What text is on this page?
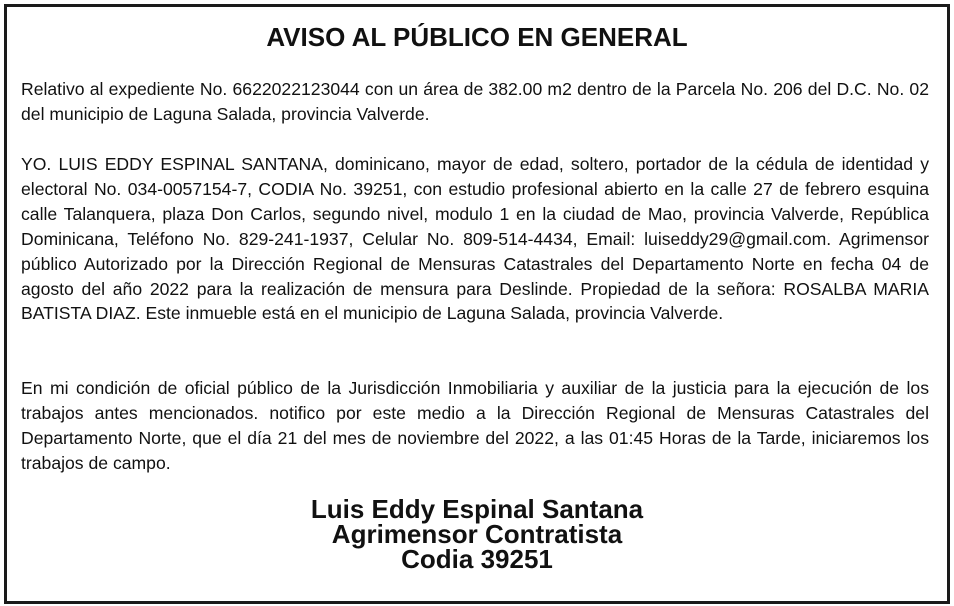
AVISO AL PÚBLICO EN GENERAL

Relativo al expediente No. 6622022123044 con un área de 382.00 m2 dentro de la Parcela No. 206 del D.C. No. 02 del municipio de Laguna Salada, provincia Valverde.

YO. LUIS EDDY ESPINAL SANTANA, dominicano, mayor de edad, soltero, portador de la cédula de identidad y electoral No. 034-0057154-7, CODIA No. 39251, con estudio profesional abierto en la calle 27 de febrero esquina calle Talanquera, plaza Don Carlos, segundo nivel, modulo 1 en la ciudad de Mao, provincia Valverde, República Dominicana, Teléfono No. 829-241-1937, Celular No. 809-514-4434, Email: luiseddy29@gmail.com. Agrimensor público Autorizado por la Dirección Regional de Mensuras Catastrales del Departamento Norte en fecha 04 de agosto del año 2022 para la realización de mensura para Deslinde. Propiedad de la señora: ROSALBA MARIA BATISTA DIAZ. Este inmueble está en el municipio de Laguna Salada, provincia Valverde.

En mi condición de oficial público de la Jurisdicción Inmobiliaria y auxiliar de la justicia para la ejecución de los trabajos antes mencionados. notifico por este medio a la Dirección Regional de Mensuras Catastrales del Departamento Norte, que el día 21 del mes de noviembre del 2022, a las 01:45 Horas de la Tarde, iniciaremos los trabajos de campo.

Luis Eddy Espinal Santana
Agrimensor Contratista
Codia 39251
